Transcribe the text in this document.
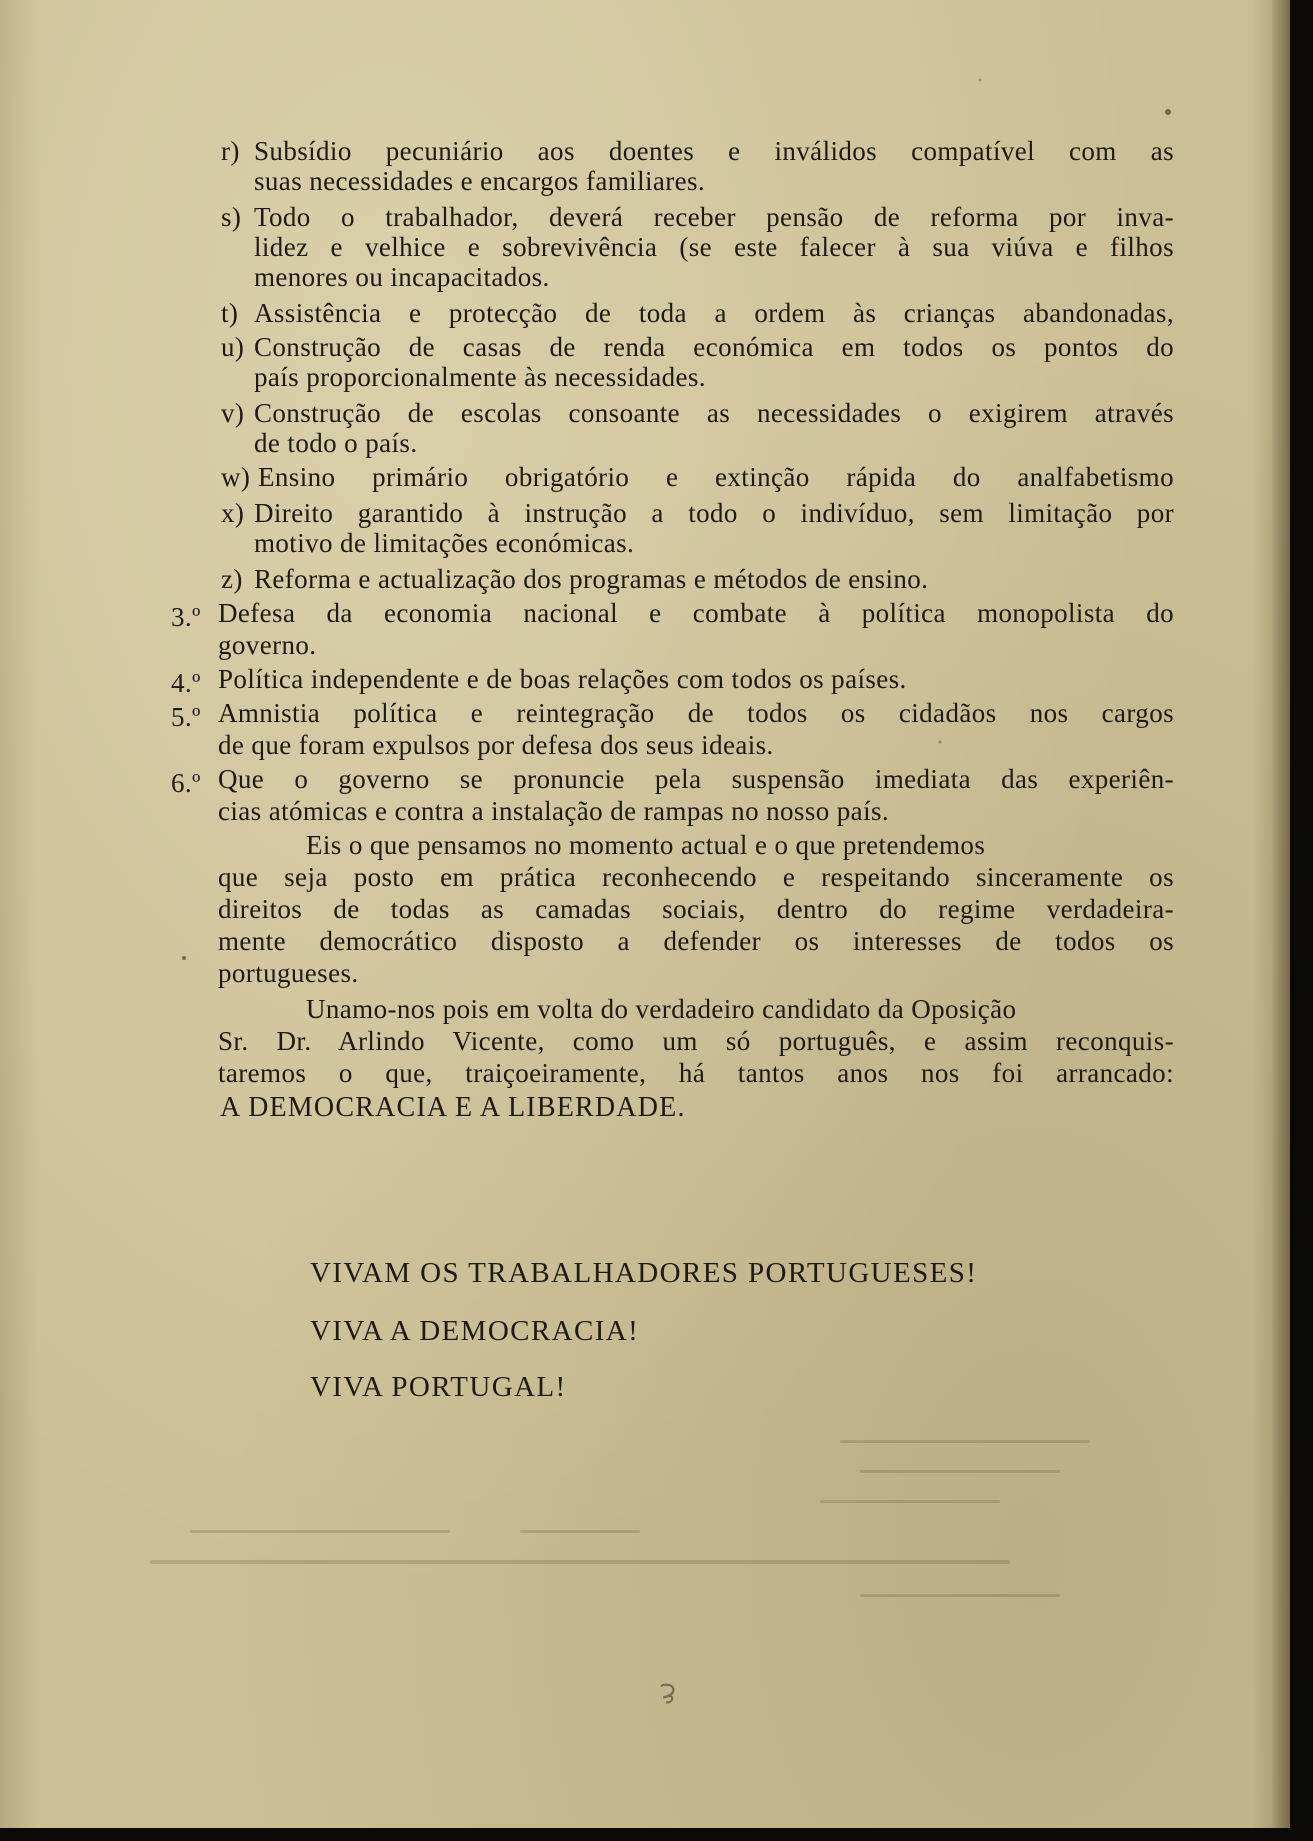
r) Subsídio pecuniário aos doentes e inválidos compatível com as
suas necessidades e encargos familiares.
s) Todo o trabalhador, deverá receber pensão de reforma por inva-
lidez e velhice e sobrevivência (se este falecer à sua viúva e filhos
menores ou incapacitados.
t) Assistência e protecção de toda a ordem às crianças abandonadas,
u) Construção de casas de renda económica em todos os pontos do
país proporcionalmente às necessidades.
v) Construção de escolas consoante as necessidades o exigirem através
de todo o país.
w) Ensino primário obrigatório e extinção rápida do analfabetismo
x) Direito garantido à instrução a todo o indivíduo, sem limitação por
motivo de limitações económicas.
z) Reforma e actualização dos programas e métodos de ensino.
3.º Defesa da economia nacional e combate à política monopolista do
governo.
4.º Política independente e de boas relações com todos os países.
5.º Amnistia política e reintegração de todos os cidadãos nos cargos
de que foram expulsos por defesa dos seus ideais.
6.º Que o governo se pronuncie pela suspensão imediata das experiên-
cias atómicas e contra a instalação de rampas no nosso país.
Eis o que pensamos no momento actual e o que pretendemos
que seja posto em prática reconhecendo e respeitando sinceramente os
direitos de todas as camadas sociais, dentro do regime verdadeira-
mente democrático disposto a defender os interesses de todos os
portugueses.
Unamo-nos pois em volta do verdadeiro candidato da Oposição
Sr. Dr. Arlindo Vicente, como um só português, e assim reconquis-
taremos o que, traiçoeiramente, há tantos anos nos foi arrancado:
A DEMOCRACIA E A LIBERDADE.
VIVAM OS TRABALHADORES PORTUGUESES!
VIVA A DEMOCRACIA!
VIVA PORTUGAL!
ع
